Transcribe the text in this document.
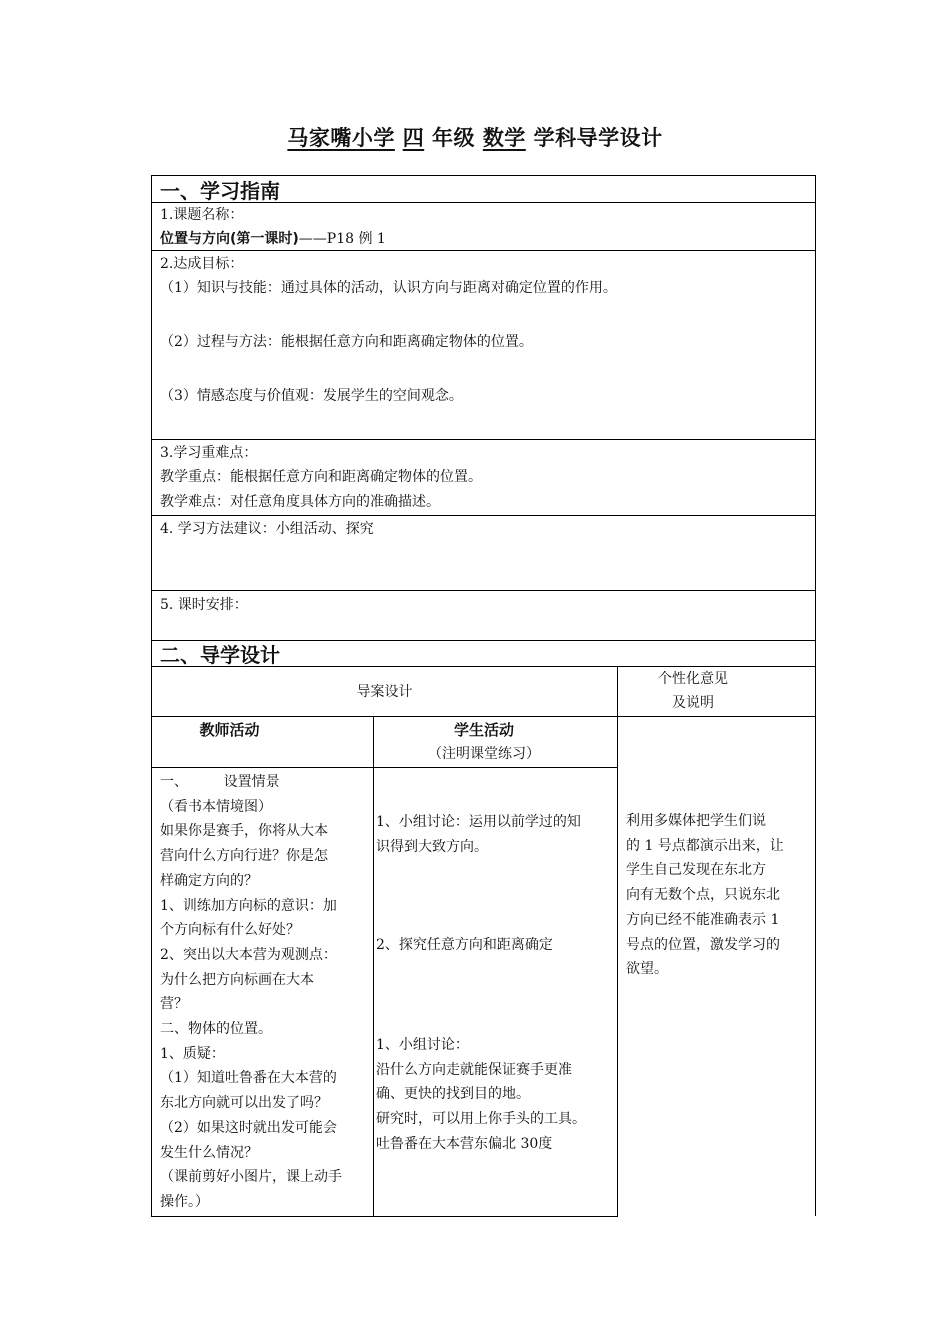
马家嘴小学 四 年级 数学 学科导学设计
一、学习指南
1.课题名称：
位置与方向(第一课时)——P18 例 1
2.达成目标：
（1）知识与技能：通过具体的活动，认识方向与距离对确定位置的作用。
（2）过程与方法：能根据任意方向和距离确定物体的位置。
（3）情感态度与价值观：发展学生的空间观念。
3.学习重难点：
教学重点：能根据任意方向和距离确定物体的位置。
教学难点：对任意角度具体方向的准确描述。
4. 学习方法建议：小组活动、探究
5. 课时安排：
二、导学设计
导案设计
个性化意见
及说明
教师活动	学生活动
（注明课堂练习）
一、        设置情景
（看书本情境图）
如果你是赛手，你将从大本
营向什么方向行进？你是怎
样确定方向的？
1、训练加方向标的意识：加
个方向标有什么好处？
2、突出以大本营为观测点：
为什么把方向标画在大本
营？
二、物体的位置。
1、质疑：
（1）知道吐鲁番在大本营的
东北方向就可以出发了吗？
（2）如果这时就出发可能会
发生什么情况？
（课前剪好小图片，课上动手
操作。）
1、小组讨论：运用以前学过的知
识得到大致方向。
2、探究任意方向和距离确定
1、小组讨论：
沿什么方向走就能保证赛手更准
确、更快的找到目的地。
研究时，可以用上你手头的工具。
吐鲁番在大本营东偏北 30度
利用多媒体把学生们说
的 1 号点都演示出来，让
学生自己发现在东北方
向有无数个点，只说东北
方向已经不能准确表示 1
号点的位置，激发学习的
欲望。
